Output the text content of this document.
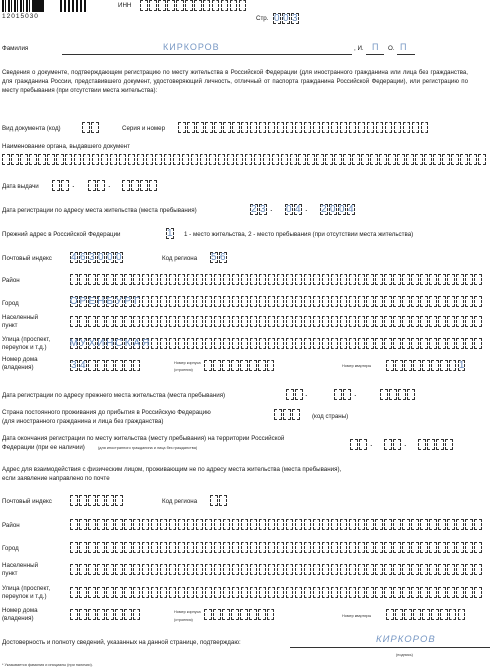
12015030
ИНН
Стр. 0 0 3
Фамилия	КИРКОРОВ	, И. П О. П
Сведения о документе, подтверждающем регистрацию по месту жительства в Российской Федерации (для иностранного гражданина или лица без гражданства, для гражданина России, представившего документ, удостоверяющий личность, отличный от паспорта гражданина Российской Федерации), или регистрацию по месту пребывания (при отсутствии места жительства):
Вид документа (код)	Серия и номер
Наименование органа, выдавшего документ
Дата выдачи	.	.
Дата регистрации по адресу места жительства (места пребывания)	2 3 . 0 4 . 2 0 0 4
Прежний адрес в Российской Федерации	1 1 - место жительства, 2 - место пребывания (при отсутствии места жительства)
Почтовый индекс 4 6 3 0 0 0	Код региона 5 6
Район
Город	О Р Е Н Б У Р Г
Населенный
пункт
Улица (проспект,
переулок и т.д.) М У Х И Н С К А Я
Номер дома
(владения)	3 4	Номер корпуса
(строения)
Номер квартиры	1
Дата регистрации по адресу прежнего места жительства (места пребывания)	.	.
Страна постоянного проживания до прибытия в Российскую Федерацию
(для иностранного гражданина и лица без гражданства)
(код страны)
Дата окончания регистрации по месту жительства (месту пребывания) на территории Российской
Федерации (при ее наличии)	(для иностранного гражданина и лица без гражданства)	.	.
Адрес для взаимодействия с физическим лицом, проживающим не по адресу места жительства (места пребывания),
если заявление направлено по почте
Почтовый индекс	Код региона
Район
Город
Населенный
пункт
Улица (проспект,
переулок и т.д.)
Номер дома
(владения)
Номер корпуса
(строения)
Номер квартиры
Достоверность и полноту сведений, указанных на данной странице, подтверждаю:	КИРКОРОВ
(подпись)
* Указывается фамилия и инициалы (при наличии).
